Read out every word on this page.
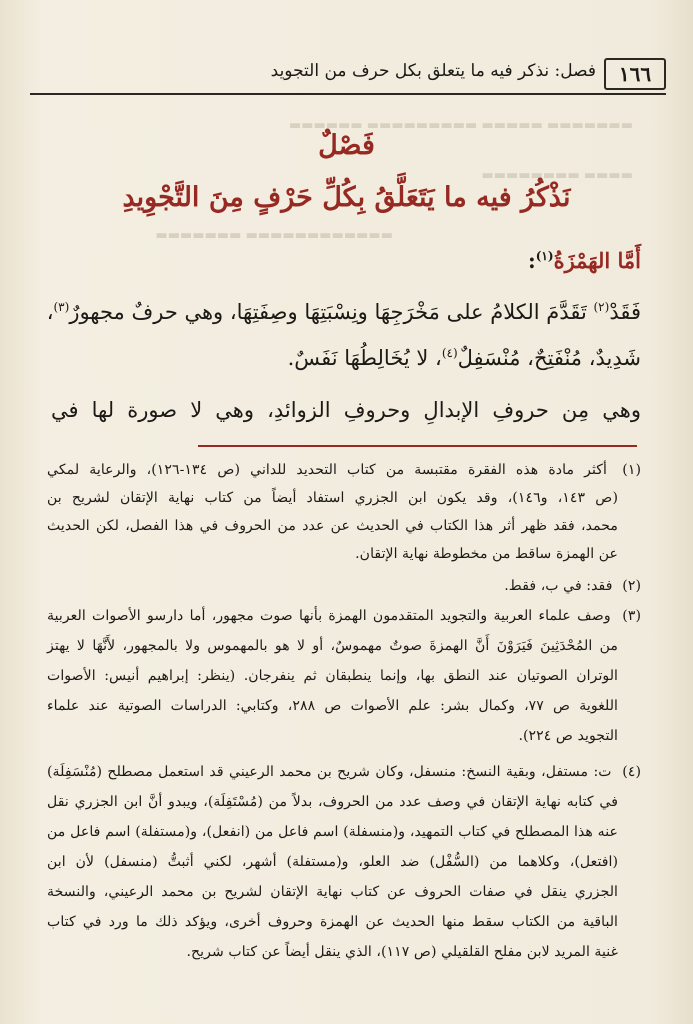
▬▬▬▬▬▬▬ ▬▬▬▬▬ ▬▬▬▬▬▬▬▬▬ ▬▬▬▬▬▬
▬▬▬▬ ▬▬▬▬▬▬▬▬
▬▬▬▬▬▬▬▬▬▬▬▬ ▬▬▬▬▬▬▬
١٦٦
فصل: نذكر فيه ما يتعلق بكل حرف من التجويد
فَصْلٌ
نَذْكُرُ فيه ما يَتَعَلَّقُ بِكُلِّ حَرْفٍ مِنَ التَّجْوِيدِ
أَمَّا الهَمْزَةُ$^{(١)}$:
فَقَدْ$^{(٢)}$ تَقَدَّمَ الكلامُ على مَخْرَجِهَا ونِسْبَتِهَا وصِفَتِهَا، وهي حرفٌ مجهورٌ$^{(٣)}$،
شَدِيدٌ، مُنْفَتِحٌ، مُنْسَفِلٌ$^{(٤)}$، لا يُخَالِطُهَا نَفَسٌ.
وهي مِن حروفِ الإبدالِ وحروفِ الزوائدِ، وهي لا صورة لها في
(١) أكثر مادة هذه الفقرة مقتبسة من كتاب التحديد للداني (ص ١٣٤-١٢٦)، والرعاية لمكي
(ص ١٤٣، و١٤٦)، وقد يكون ابن الجزري استفاد أيضاً من كتاب نهاية الإتقان لشريح بن
محمد، فقد ظهر أثر هذا الكتاب في الحديث عن عدد من الحروف في هذا الفصل، لكن الحديث
عن الهمزة ساقط من مخطوطة نهاية الإتقان.
(٢) فقد: في ب، فقط.
(٣) وصف علماء العربية والتجويد المتقدمون الهمزة بأنها صوت مجهور، أما دارسو الأصوات العربية
من المُحْدَثِينَ فَيَرَوْنَ أَنَّ الهمزةَ صوتٌ مهموسٌ، أو لا هو بالمهموس ولا بالمجهور، لأَنَّهَا لا يهتز
الوتران الصوتيان عند النطق بها، وإنما ينطبقان ثم ينفرجان. (ينظر: إبراهيم أنيس: الأصوات
اللغوية ص ٧٧، وكمال بشر: علم الأصوات ص ٢٨٨، وكتابي: الدراسات الصوتية عند علماء
التجويد ص ٢٢٤).
(٤) ت: مستفل، وبقية النسخ: منسفل، وكان شريح بن محمد الرعيني قد استعمل مصطلح (مُنْسَفِلَة)
في كتابه نهاية الإتقان في وصف عدد من الحروف، بدلاً من (مُسْتَفِلَة)، ويبدو أنَّ ابن الجزري نقل
عنه هذا المصطلح في كتاب التمهيد، و(منسفلة) اسم فاعل من (انفعل)، و(مستفلة) اسم فاعل من
(افتعل)، وكلاهما من (السُّفْل) ضد العلو، و(مستفلة) أشهر، لكني أثبتُّ (منسفل) لأن ابن
الجزري ينقل في صفات الحروف عن كتاب نهاية الإتقان لشريح بن محمد الرعيني، والنسخة
الباقية من الكتاب سقط منها الحديث عن الهمزة وحروف أخرى، ويؤكد ذلك ما ورد في كتاب
غنية المريد لابن مفلح القلقيلي (ص ١١٧)، الذي ينقل أيضاً عن كتاب شريح.
